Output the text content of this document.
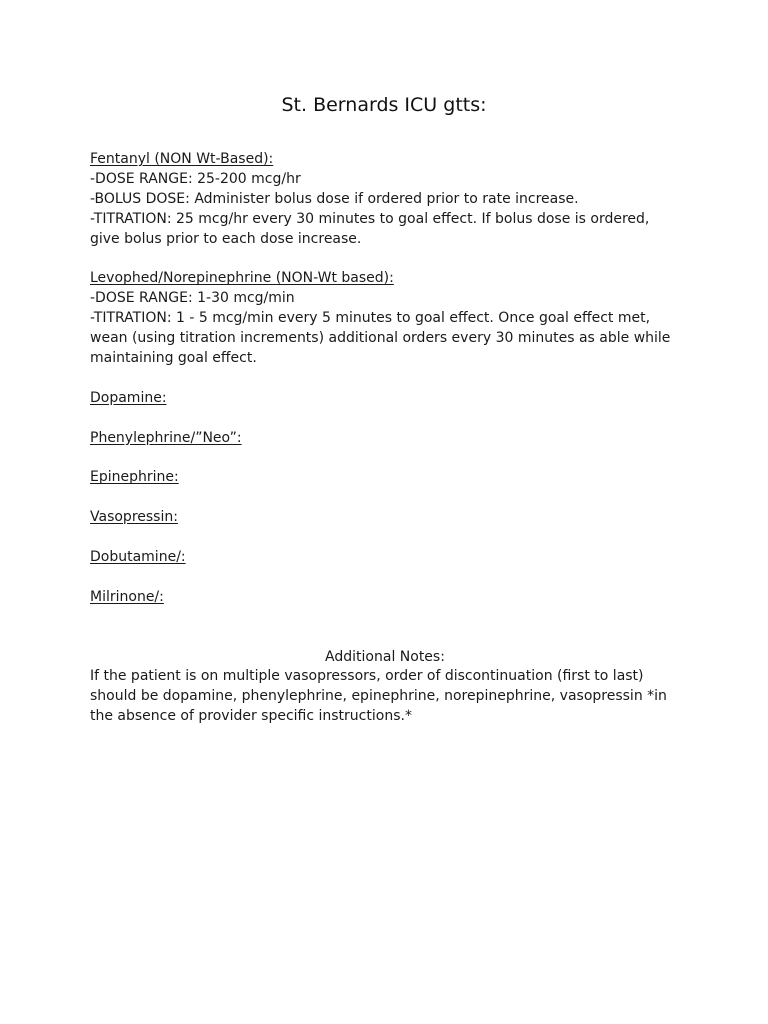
St. Bernards ICU gtts:
Fentanyl (NON Wt-Based):
-DOSE RANGE: 25-200 mcg/hr
-BOLUS DOSE: Administer bolus dose if ordered prior to rate increase.
-TITRATION: 25 mcg/hr every 30 minutes to goal effect. If bolus dose is ordered,
give bolus prior to each dose increase.
Levophed/Norepinephrine (NON-Wt based):
-DOSE RANGE: 1-30 mcg/min
-TITRATION: 1 - 5 mcg/min every 5 minutes to goal effect. Once goal effect met,
wean (using titration increments) additional orders every 30 minutes as able while
maintaining goal effect.
Dopamine:
Phenylephrine/”Neo”:
Epinephrine:
Vasopressin:
Dobutamine/:
Milrinone/:
Additional Notes:
If the patient is on multiple vasopressors, order of discontinuation (first to last)
should be dopamine, phenylephrine, epinephrine, norepinephrine, vasopressin *in
the absence of provider specific instructions.*
